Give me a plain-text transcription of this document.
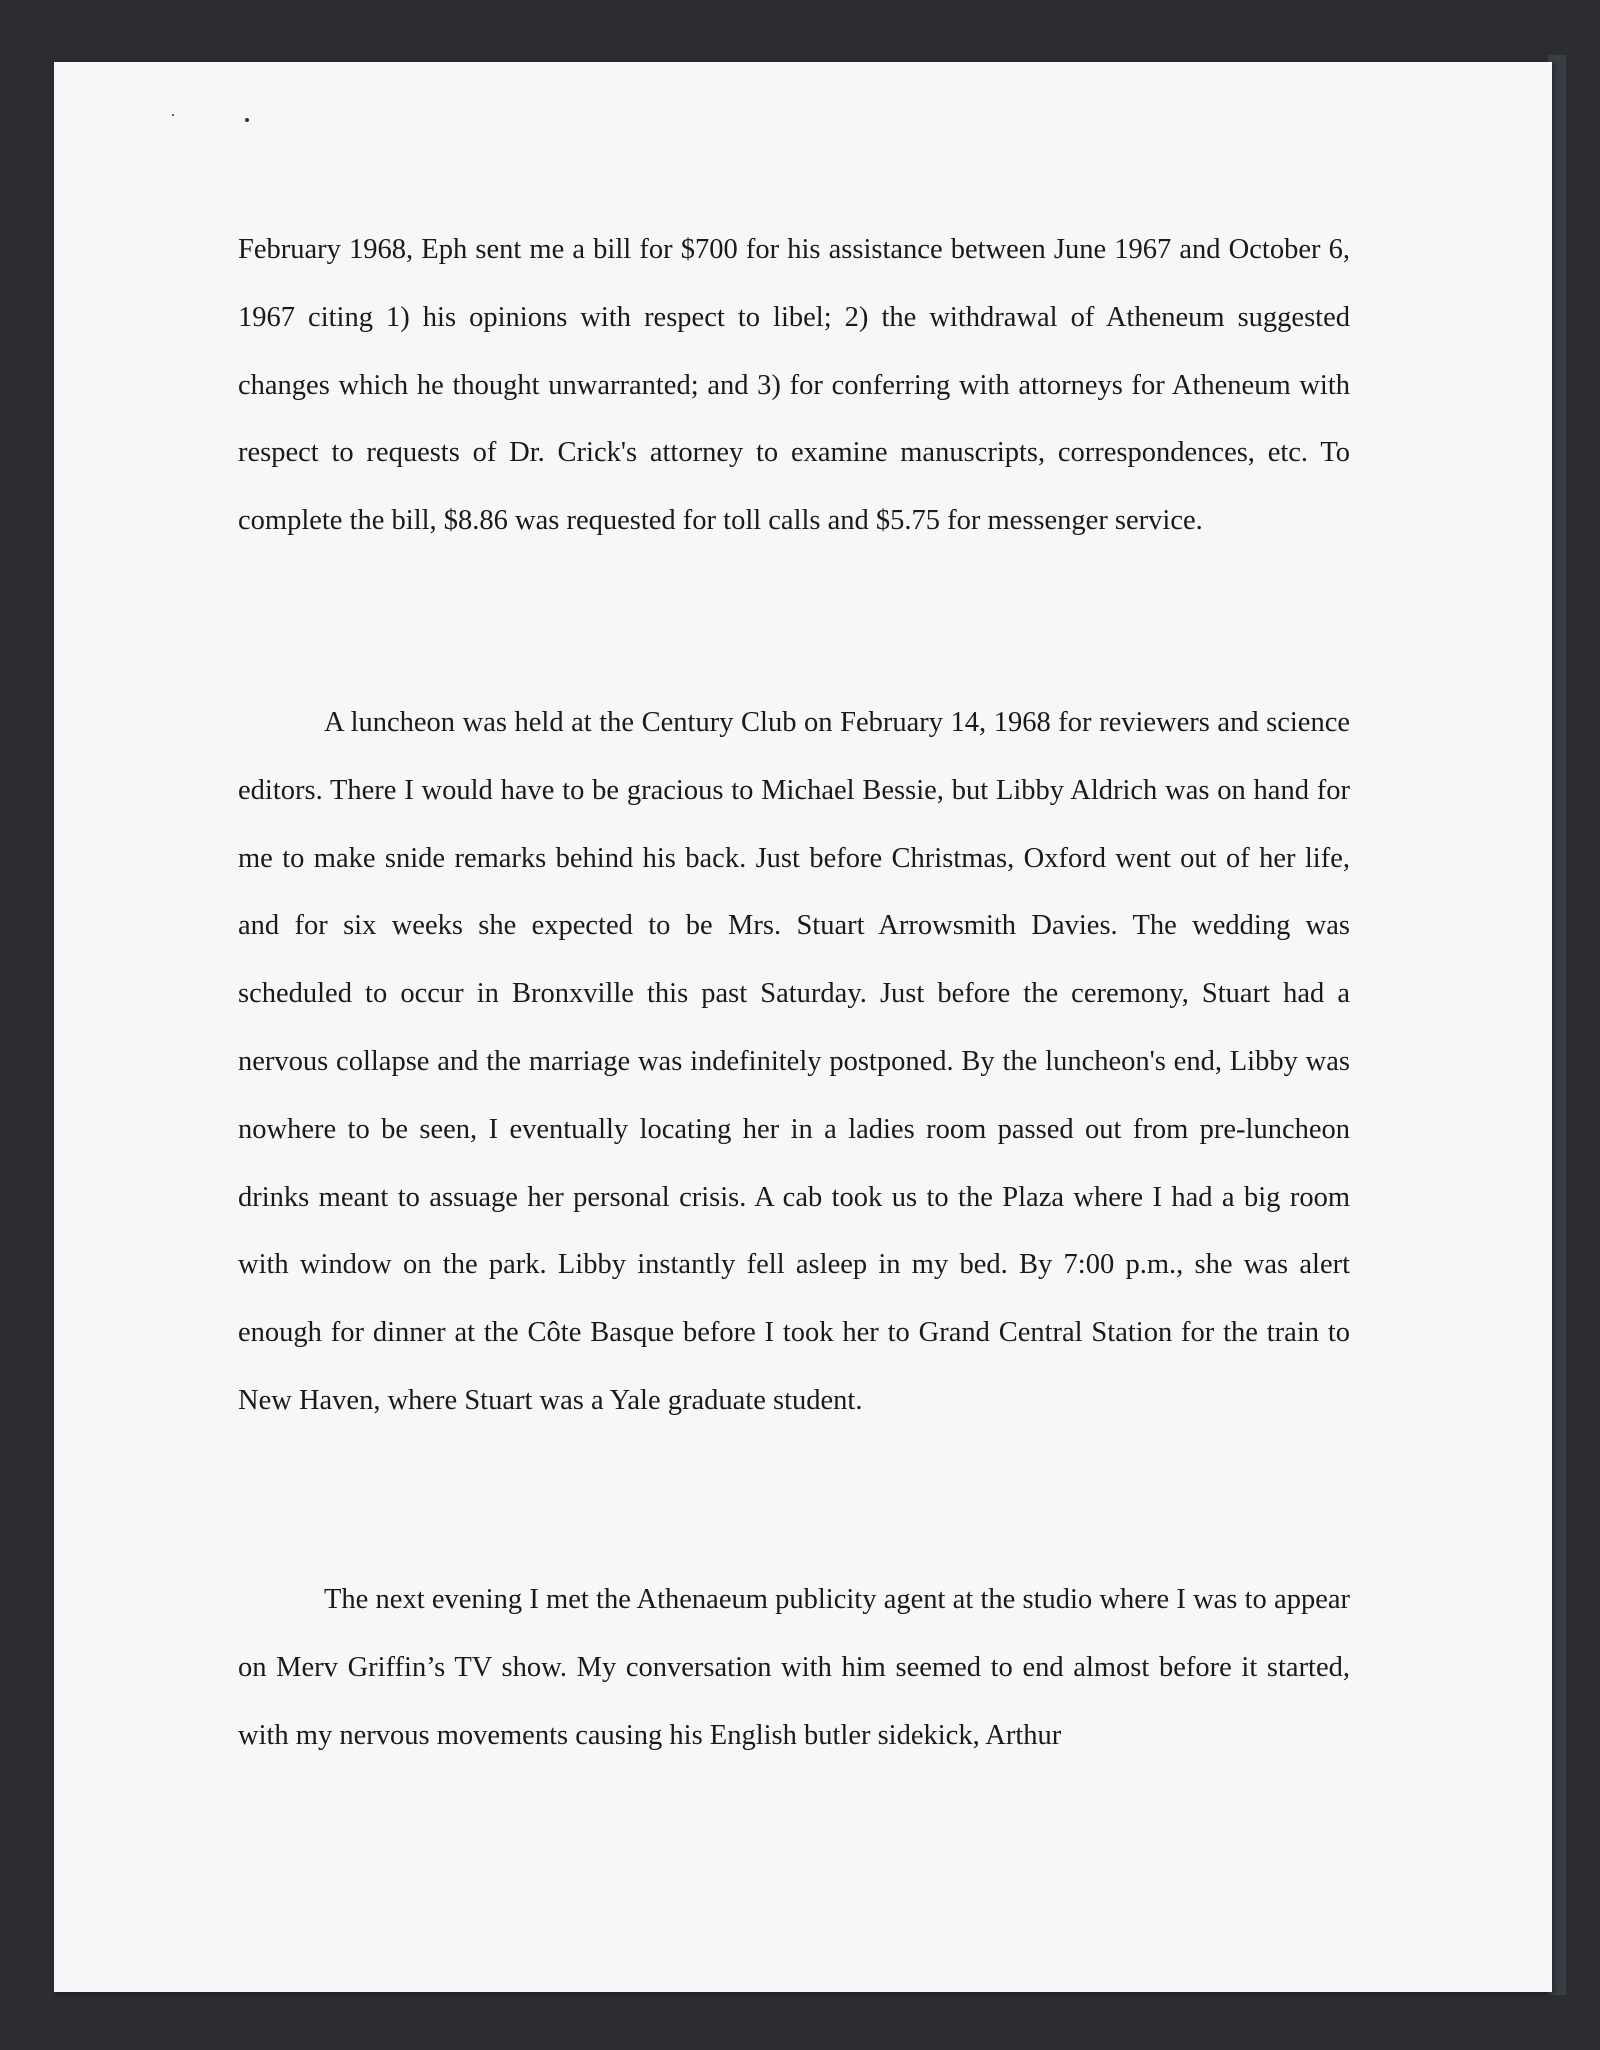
February 1968, Eph sent me a bill for $700 for his assistance between June 1967 and October 6, 1967 citing 1) his opinions with respect to libel; 2) the withdrawal of Atheneum suggested changes which he thought unwarranted; and 3) for conferring with attorneys for Atheneum with respect to requests of Dr. Crick's attorney to examine manuscripts, correspondences, etc. To complete the bill, $8.86 was requested for toll calls and $5.75 for messenger service.

A luncheon was held at the Century Club on February 14, 1968 for reviewers and science editors. There I would have to be gracious to Michael Bessie, but Libby Aldrich was on hand for me to make snide remarks behind his back. Just before Christmas, Oxford went out of her life, and for six weeks she expected to be Mrs. Stuart Arrowsmith Davies. The wedding was scheduled to occur in Bronxville this past Saturday. Just before the ceremony, Stuart had a nervous collapse and the marriage was indefinitely postponed. By the luncheon's end, Libby was nowhere to be seen, I eventually locating her in a ladies room passed out from pre-luncheon drinks meant to assuage her personal crisis. A cab took us to the Plaza where I had a big room with window on the park. Libby instantly fell asleep in my bed. By 7:00 p.m., she was alert enough for dinner at the Côte Basque before I took her to Grand Central Station for the train to New Haven, where Stuart was a Yale graduate student.

The next evening I met the Athenaeum publicity agent at the studio where I was to appear on Merv Griffin’s TV show. My conversation with him seemed to end almost before it started, with my nervous movements causing his English butler sidekick, Arthur
